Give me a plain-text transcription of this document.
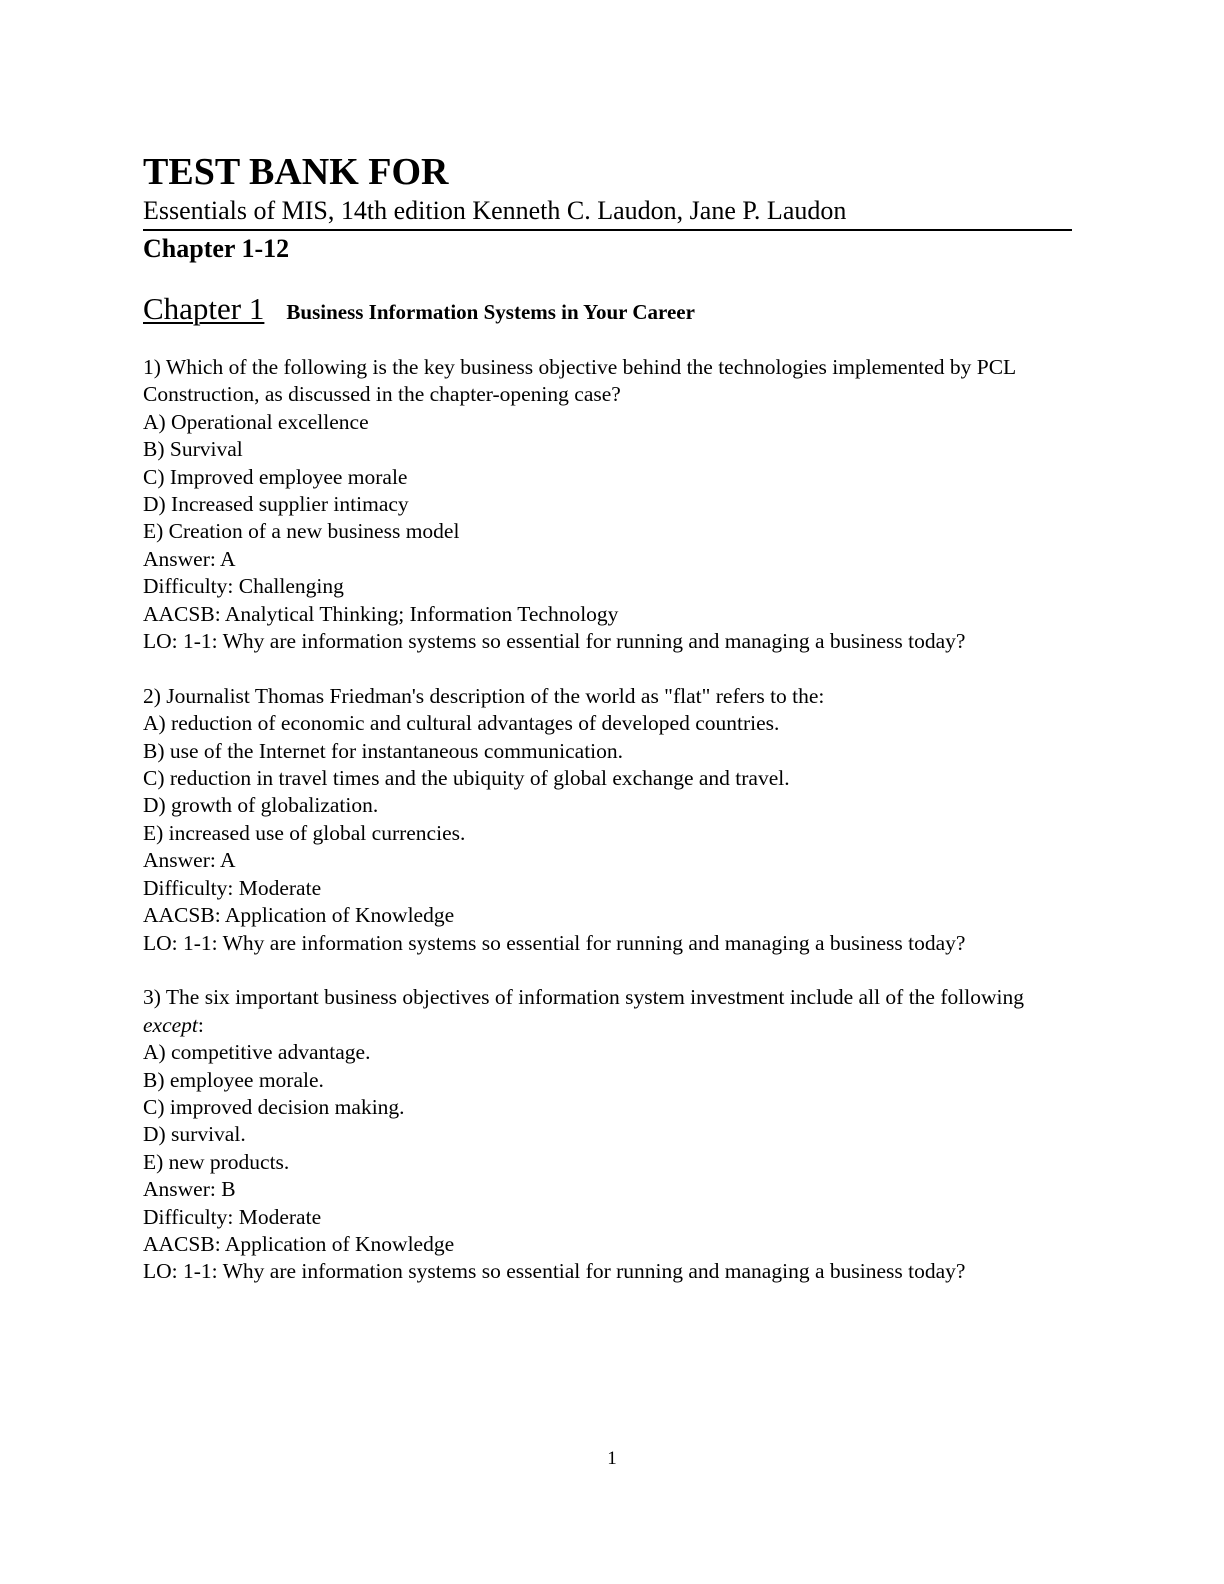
TEST BANK FOR
Essentials of MIS, 14th edition Kenneth C. Laudon, Jane P. Laudon
Chapter 1-12
Chapter 1 Business Information Systems in Your Career

1) Which of the following is the key business objective behind the technologies implemented by PCL Construction, as discussed in the chapter-opening case?

A) Operational excellence

B) Survival

C) Improved employee morale

D) Increased supplier intimacy

E) Creation of a new business model

Answer: A

Difficulty: Challenging

AACSB: Analytical Thinking; Information Technology

LO: 1-1: Why are information systems so essential for running and managing a business today?

2) Journalist Thomas Friedman's description of the world as "flat" refers to the:

A) reduction of economic and cultural advantages of developed countries.

B) use of the Internet for instantaneous communication.

C) reduction in travel times and the ubiquity of global exchange and travel.

D) growth of globalization.

E) increased use of global currencies.

Answer: A

Difficulty: Moderate

AACSB: Application of Knowledge

LO: 1-1: Why are information systems so essential for running and managing a business today?

3) The six important business objectives of information system investment include all of the following except:

A) competitive advantage.

B) employee morale.

C) improved decision making.

D) survival.

E) new products.

Answer: B

Difficulty: Moderate

AACSB: Application of Knowledge

LO: 1-1: Why are information systems so essential for running and managing a business today?

1
